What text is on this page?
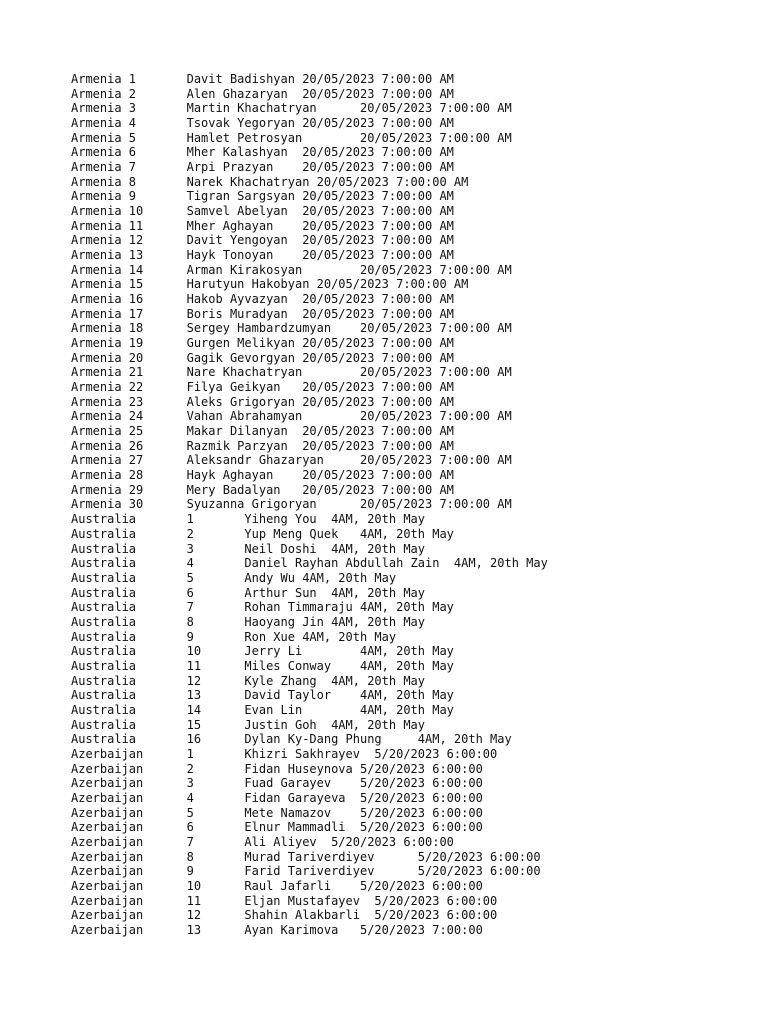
Armenia	1	Davit Badishyan	20/05/2023 7:00:00 AM
Armenia	2	Alen Ghazaryan	20/05/2023 7:00:00 AM
Armenia	3	Martin Khachatryan	20/05/2023 7:00:00 AM
Armenia	4	Tsovak Yegoryan	20/05/2023 7:00:00 AM
Armenia	5	Hamlet Petrosyan	20/05/2023 7:00:00 AM
Armenia	6	Mher Kalashyan	20/05/2023 7:00:00 AM
Armenia	7	Arpi Prazyan	20/05/2023 7:00:00 AM
Armenia	8	Narek Khachatryan 20/05/2023 7:00:00 AM
Armenia	9	Tigran Sargsyan	20/05/2023 7:00:00 AM
Armenia	10	Samvel Abelyan	20/05/2023 7:00:00 AM
Armenia	11	Mher Aghayan	20/05/2023 7:00:00 AM
Armenia	12	Davit Yengoyan	20/05/2023 7:00:00 AM
Armenia	13	Hayk Tonoyan	20/05/2023 7:00:00 AM
Armenia	14	Arman Kirakosyan	20/05/2023 7:00:00 AM
Armenia	15	Harutyun Hakobyan 20/05/2023 7:00:00 AM
Armenia	16	Hakob Ayvazyan	20/05/2023 7:00:00 AM
Armenia	17	Boris Muradyan	20/05/2023 7:00:00 AM
Armenia	18	Sergey Hambardzumyan	20/05/2023 7:00:00 AM
Armenia	19	Gurgen Melikyan	20/05/2023 7:00:00 AM
Armenia	20	Gagik Gevorgyan	20/05/2023 7:00:00 AM
Armenia	21	Nare Khachatryan	20/05/2023 7:00:00 AM
Armenia	22	Filya Geikyan	20/05/2023 7:00:00 AM
Armenia	23	Aleks Grigoryan	20/05/2023 7:00:00 AM
Armenia	24	Vahan Abrahamyan	20/05/2023 7:00:00 AM
Armenia	25	Makar Dilanyan	20/05/2023 7:00:00 AM
Armenia	26	Razmik Parzyan	20/05/2023 7:00:00 AM
Armenia	27	Aleksandr Ghazaryan	20/05/2023 7:00:00 AM
Armenia	28	Hayk Aghayan	20/05/2023 7:00:00 AM
Armenia	29	Mery Badalyan	20/05/2023 7:00:00 AM
Armenia	30	Syuzanna Grigoryan	20/05/2023 7:00:00 AM
Australia	1	Yiheng You  4AM, 20th May
Australia	2	Yup Meng Quek	4AM, 20th May
Australia	3	Neil Doshi  4AM, 20th May
Australia	4	Daniel Rayhan Abdullah Zain  4AM, 20th May
Australia	5	Andy Wu	4AM, 20th May
Australia	6	Arthur Sun  4AM, 20th May
Australia	7	Rohan Timmaraju	4AM, 20th May
Australia	8	Haoyang Jin 4AM, 20th May
Australia	9	Ron Xue	4AM, 20th May
Australia	10	Jerry Li	4AM, 20th May
Australia	11	Miles Conway	4AM, 20th May
Australia	12	Kyle Zhang  4AM, 20th May
Australia	13	David Taylor	4AM, 20th May
Australia	14	Evan Lin	4AM, 20th May
Australia	15	Justin Goh  4AM, 20th May
Australia	16	Dylan Ky-Dang Phung	4AM, 20th May
Azerbaijan	1	Khizri Sakhrayev  5/20/2023 6:00:00
Azerbaijan	2	Fidan Huseynova	5/20/2023 6:00:00
Azerbaijan	3	Fuad Garayev	5/20/2023 6:00:00
Azerbaijan	4	Fidan Garayeva	5/20/2023 6:00:00
Azerbaijan	5	Mete Namazov	5/20/2023 6:00:00
Azerbaijan	6	Elnur Mammadli	5/20/2023 6:00:00
Azerbaijan	7	Ali Aliyev  5/20/2023 6:00:00
Azerbaijan	8	Murad Tariverdiyev	5/20/2023 6:00:00
Azerbaijan	9	Farid Tariverdiyev	5/20/2023 6:00:00
Azerbaijan	10	Raul Jafarli	5/20/2023 6:00:00
Azerbaijan	11	Eljan Mustafayev  5/20/2023 6:00:00
Azerbaijan	12	Shahin Alakbarli  5/20/2023 6:00:00
Azerbaijan	13	Ayan Karimova	5/20/2023 7:00:00
